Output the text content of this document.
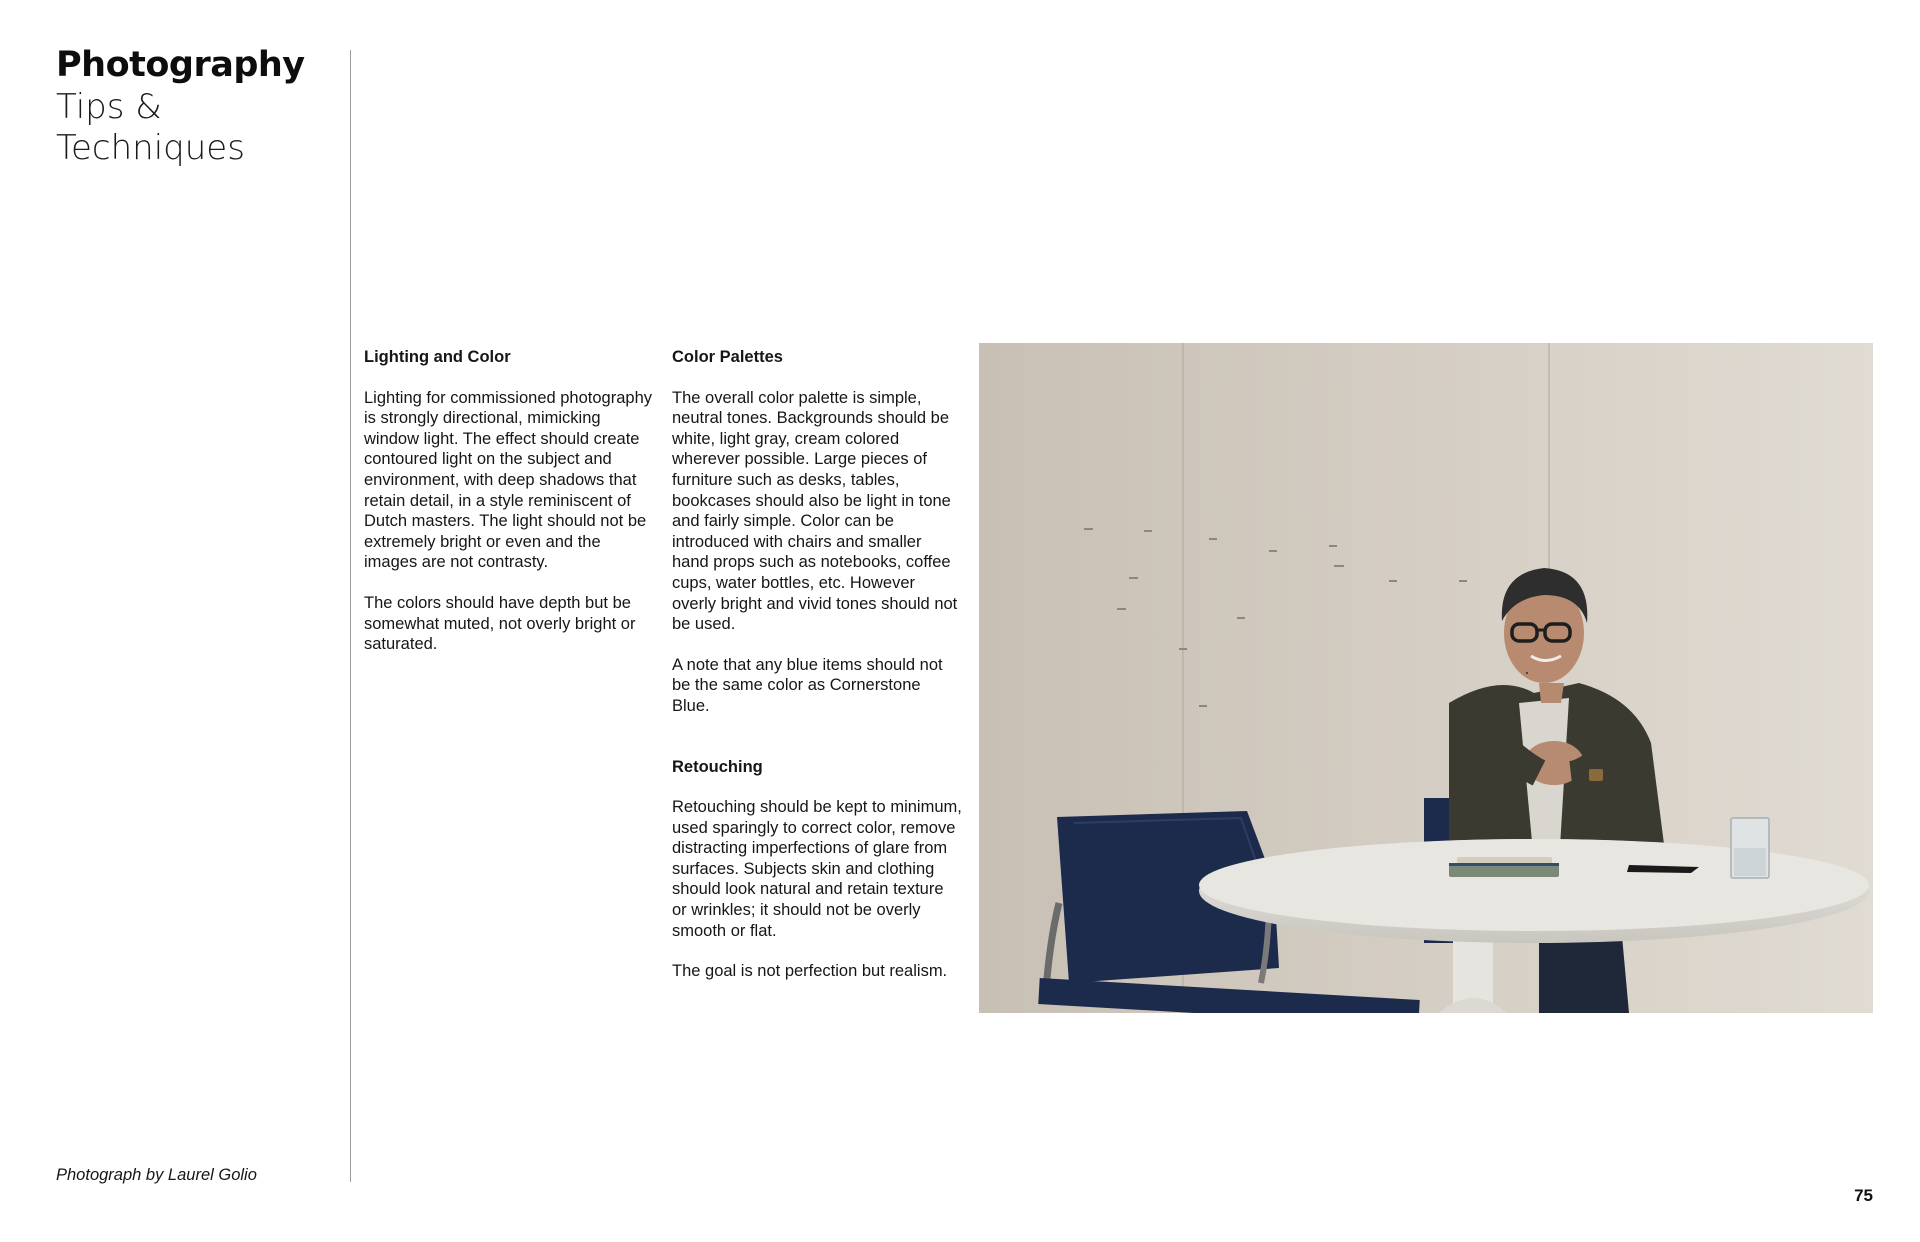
Photography
Tips & Techniques

Lighting and Color

Lighting for commissioned photography is strongly directional, mimicking window light. The effect should create contoured light on the subject and environment, with deep shadows that retain detail, in a style reminiscent of Dutch masters. The light should not be extremely bright or even and the images are not contrasty.

The colors should have depth but be somewhat muted, not overly bright or saturated.

Color Palettes

The overall color palette is simple, neutral tones. Backgrounds should be white, light gray, cream colored wherever possible. Large pieces of furniture such as desks, tables, bookcases should also be light in tone and fairly simple. Color can be introduced with chairs and smaller hand props such as notebooks, coffee cups, water bottles, etc. However overly bright and vivid tones should not be used.

A note that any blue items should not be the same color as Cornerstone Blue.

Retouching

Retouching should be kept to minimum, used sparingly to correct color, remove distracting imperfections of glare from surfaces. Subjects skin and clothing should look natural and retain texture or wrinkles; it should not be overly smooth or flat.

The goal is not perfection but realism.

Photograph by Laurel Golio
75
